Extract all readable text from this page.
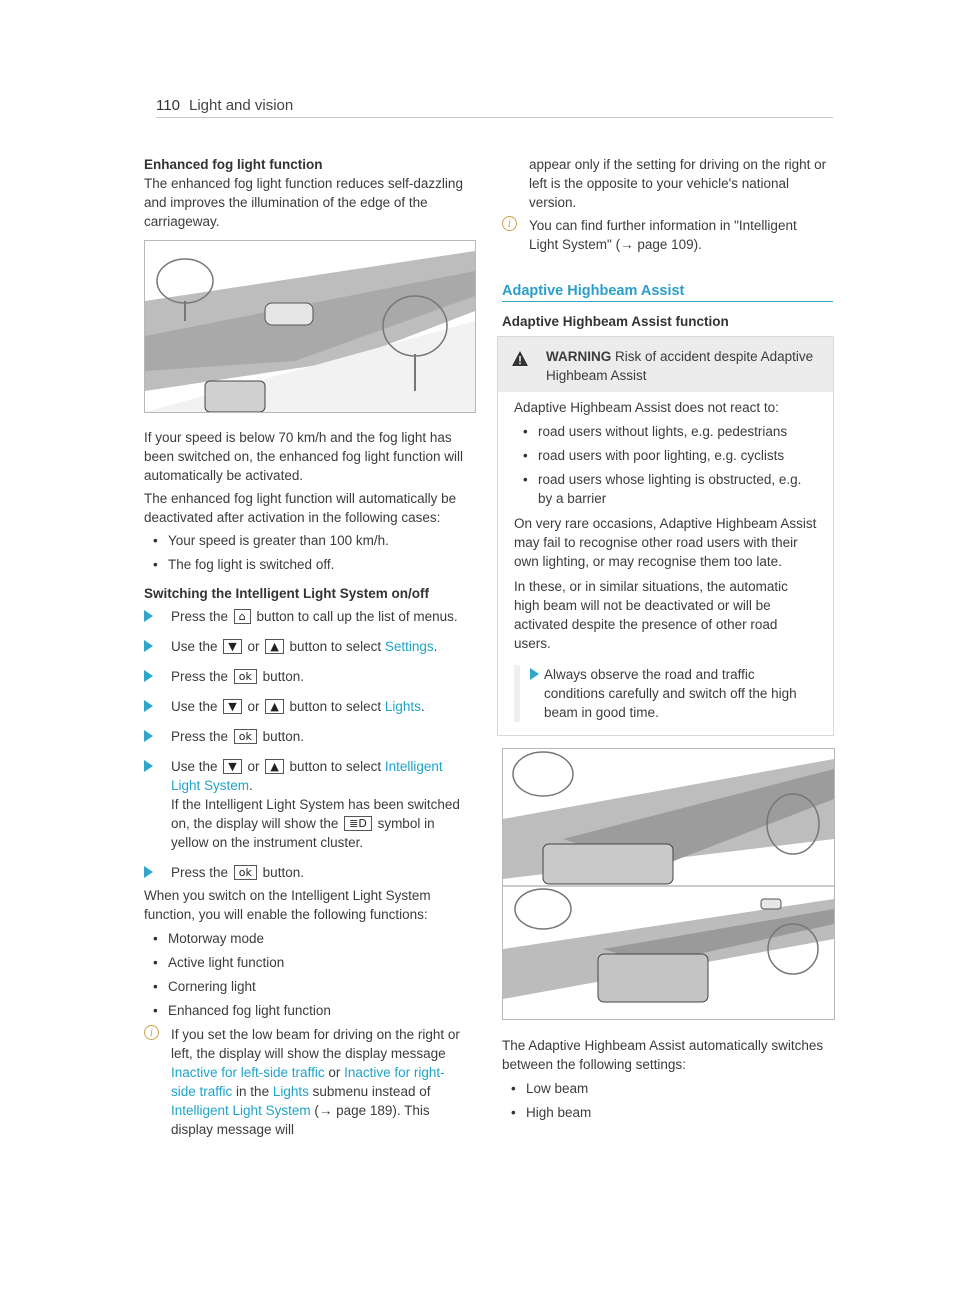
110 Light and vision

Enhanced fog light function

The enhanced fog light function reduces self-dazzling and improves the illumination of the edge of the carriageway.

If your speed is below 70 km/h and the fog light has been switched on, the enhanced fog light function will automatically be activated.

The enhanced fog light function will automatically be deactivated after activation in the following cases:

• Your speed is greater than 100 km/h.

• The fog light is switched off.

Switching the Intelligent Light System on/off

Press the ⌂ button to call up the list of menus.
Use the ▼ or ▲ button to select Settings.
Press the ok button.
Use the ▼ or ▲ button to select Lights.
Press the ok button.
Use the ▼ or ▲ button to select Intelligent Light System.
If the Intelligent Light System has been switched on, the display will show the ≣D symbol in yellow on the instrument cluster.
Press the ok button.

When you switch on the Intelligent Light System function, you will enable the following functions:

• Motorway mode

• Active light function

• Cornering light

• Enhanced fog light function

i	If you set the low beam for driving on the right or left, the display will show the display message Inactive for left-side traffic or Inactive for right-side traffic in the Lights submenu instead of Intelligent Light System (→ page 189). This display message will

appear only if the setting for driving on the right or left is the opposite to your vehicle's national version.

i	You can find further information in "Intelligent Light System" (→ page 109).
Adaptive Highbeam Assist
Adaptive Highbeam Assist function
WARNING Risk of accident despite Adaptive Highbeam Assist

Adaptive Highbeam Assist does not react to:

• road users without lights, e.g. pedestrians

• road users with poor lighting, e.g. cyclists

• road users whose lighting is obstructed, e.g. by a barrier

On very rare occasions, Adaptive Highbeam Assist may fail to recognise other road users with their own lighting, or may recognise them too late.

In these, or in similar situations, the automatic high beam will not be deactivated or will be activated despite the presence of other road users.

Always observe the road and traffic conditions carefully and switch off the high beam in good time.

The Adaptive Highbeam Assist automatically switches between the following settings:

• Low beam

• High beam
